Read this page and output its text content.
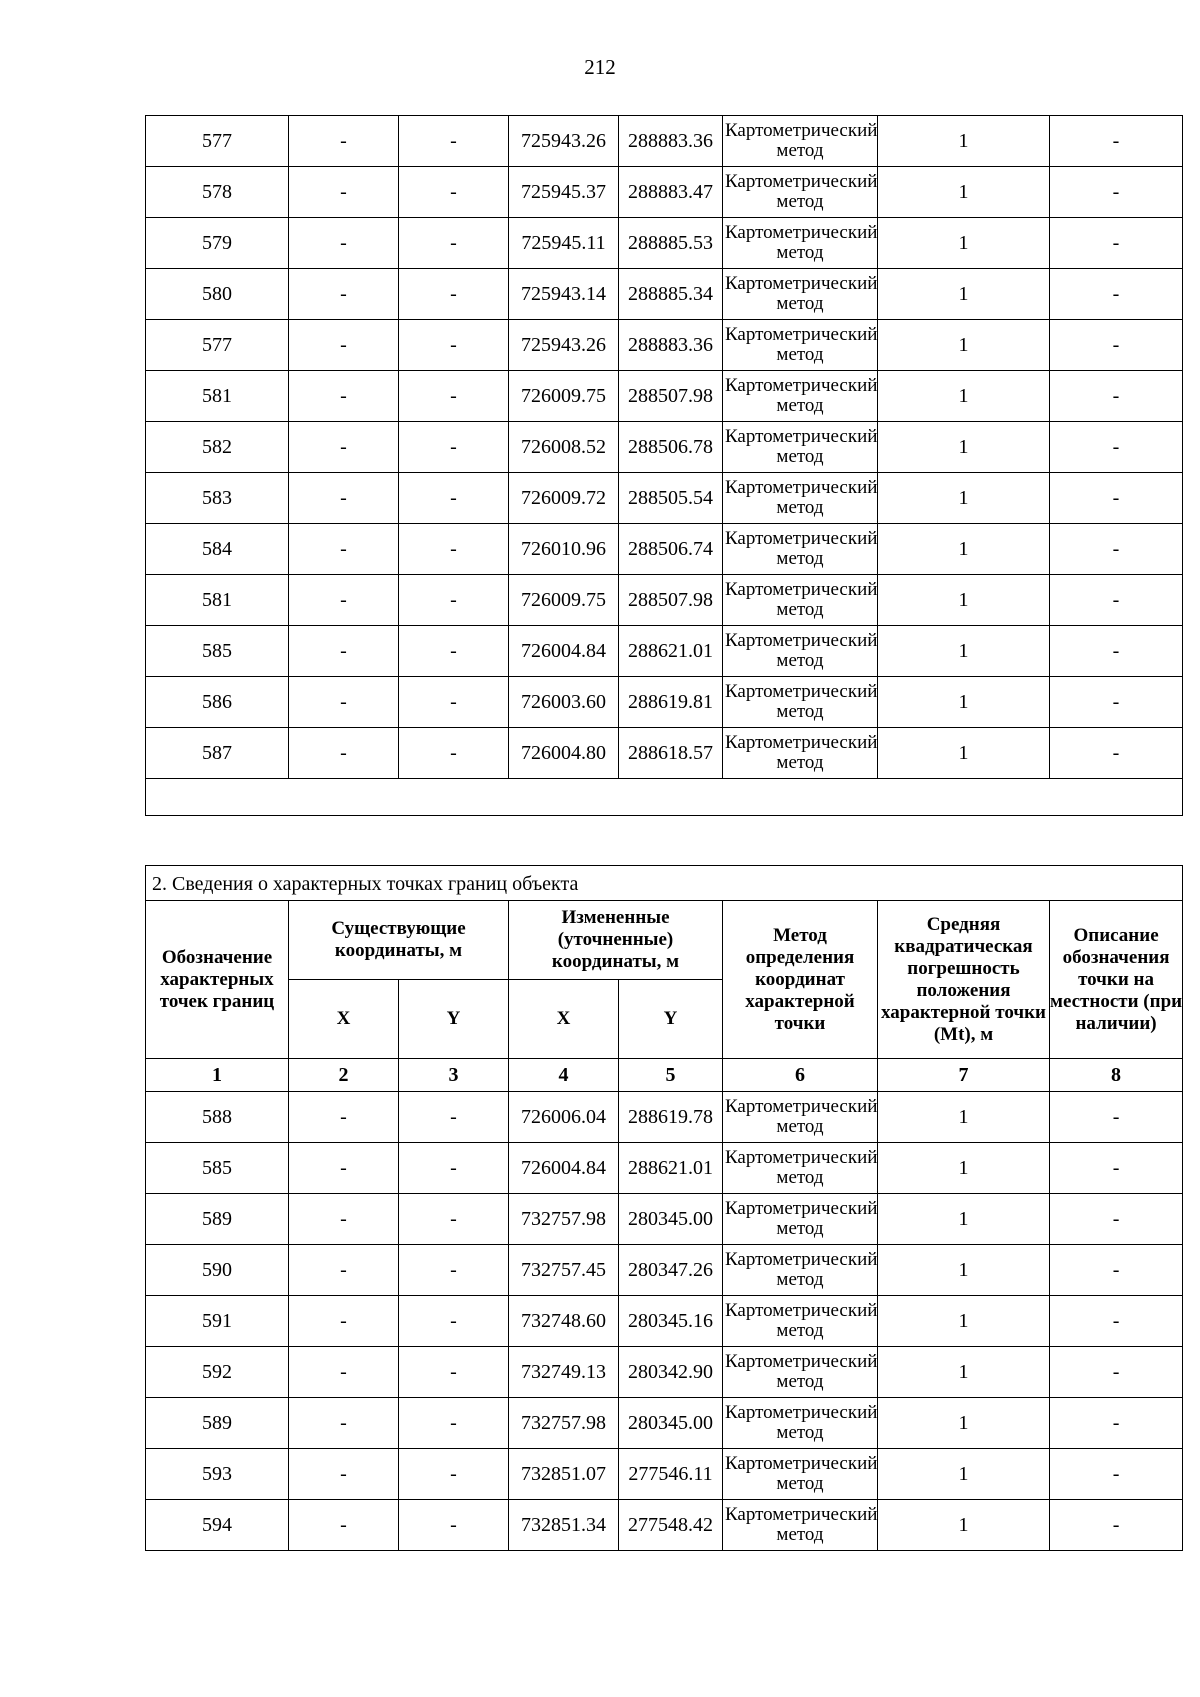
212
577	-	-	725943.26	288883.36	Картометрический метод	1	-
578	-	-	725945.37	288883.47	Картометрический метод	1	-
579	-	-	725945.11	288885.53	Картометрический метод	1	-
580	-	-	725943.14	288885.34	Картометрический метод	1	-
577	-	-	725943.26	288883.36	Картометрический метод	1	-
581	-	-	726009.75	288507.98	Картометрический метод	1	-
582	-	-	726008.52	288506.78	Картометрический метод	1	-
583	-	-	726009.72	288505.54	Картометрический метод	1	-
584	-	-	726010.96	288506.74	Картометрический метод	1	-
581	-	-	726009.75	288507.98	Картометрический метод	1	-
585	-	-	726004.84	288621.01	Картометрический метод	1	-
586	-	-	726003.60	288619.81	Картометрический метод	1	-
587	-	-	726004.80	288618.57	Картометрический метод	1	-

2. Сведения о характерных точках границ объекта							
Обозначение характерных точек границ	Существующие координаты, м		Измененные (уточненные) координаты, м		Метод определения координат характерной точки	Средняя квадратическая погрешность положения характерной точки (Mt), м	Описание обозначения точки на местности (при наличии)
	X	Y	X	Y			
1	2	3	4	5	6	7	8
588	-	-	726006.04	288619.78	Картометрический метод	1	-
585	-	-	726004.84	288621.01	Картометрический метод	1	-
589	-	-	732757.98	280345.00	Картометрический метод	1	-
590	-	-	732757.45	280347.26	Картометрический метод	1	-
591	-	-	732748.60	280345.16	Картометрический метод	1	-
592	-	-	732749.13	280342.90	Картометрический метод	1	-
589	-	-	732757.98	280345.00	Картометрический метод	1	-
593	-	-	732851.07	277546.11	Картометрический метод	1	-
594	-	-	732851.34	277548.42	Картометрический метод	1	-
